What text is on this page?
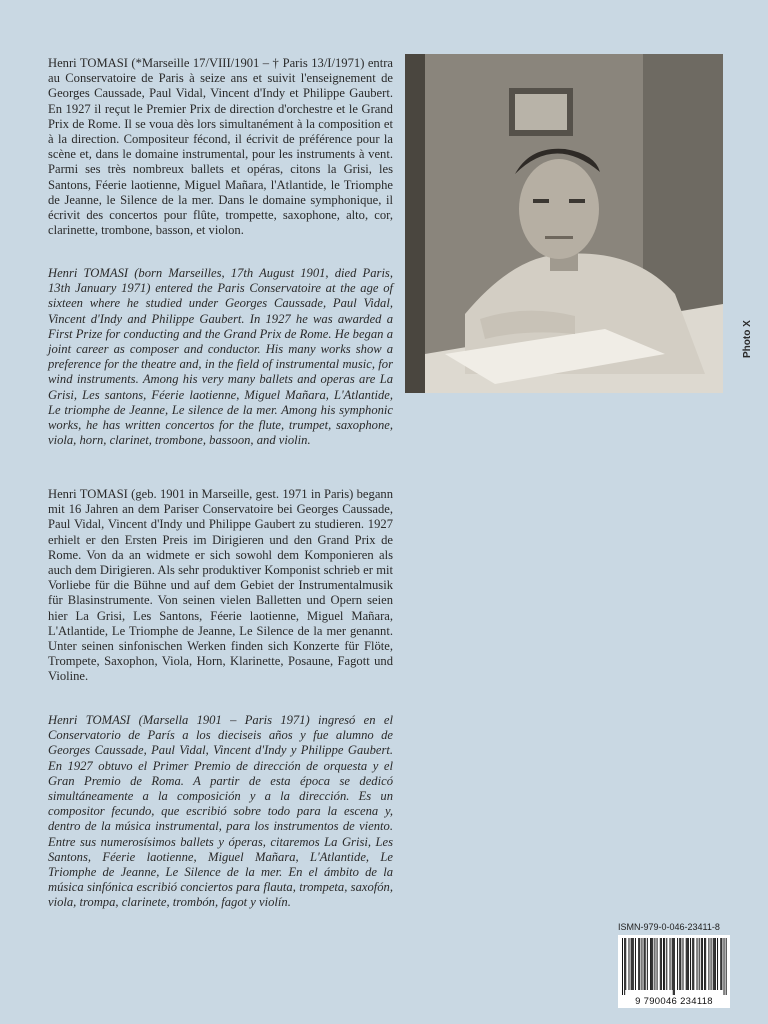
Henri TOMASI (*Marseille 17/VIII/1901 – † Paris 13/I/1971) entra au Conservatoire de Paris à seize ans et suivit l'enseignement de Georges Caussade, Paul Vidal, Vincent d'Indy et Philippe Gaubert. En 1927 il reçut le Premier Prix de direction d'orchestre et le Grand Prix de Rome. Il se voua dès lors simultanément à la composition et à la direction. Compositeur fécond, il écrivit de préférence pour la scène et, dans le domaine instrumental, pour les instruments à vent. Parmi ses très nombreux ballets et opéras, citons la Grisi, les Santons, Féerie laotienne, Miguel Mañara, l'Atlantide, le Triomphe de Jeanne, le Silence de la mer. Dans le domaine symphonique, il écrivit des concertos pour flûte, trompette, saxophone, alto, cor, clarinette, trombone, basson, et violon.

Henri TOMASI (born Marseilles, 17th August 1901, died Paris, 13th January 1971) entered the Paris Conservatoire at the age of sixteen where he studied under Georges Caussade, Paul Vidal, Vincent d'Indy and Philippe Gaubert. In 1927 he was awarded a First Prize for conducting and the Grand Prix de Rome. He began a joint career as composer and conductor. His many works show a preference for the theatre and, in the field of instrumental music, for wind instruments. Among his very many ballets and operas are La Grisi, Les santons, Féerie laotienne, Miguel Mañara, L'Atlantide, Le triomphe de Jeanne, Le silence de la mer. Among his symphonic works, he has written concertos for the flute, trumpet, saxophone, viola, horn, clarinet, trombone, bassoon, and violin.

Henri TOMASI (geb. 1901 in Marseille, gest. 1971 in Paris) begann mit 16 Jahren an dem Pariser Conservatoire bei Georges Caussade, Paul Vidal, Vincent d'Indy und Philippe Gaubert zu studieren. 1927 erhielt er den Ersten Preis im Dirigieren und den Grand Prix de Rome. Von da an widmete er sich sowohl dem Komponieren als auch dem Dirigieren. Als sehr produktiver Komponist schrieb er mit Vorliebe für die Bühne und auf dem Gebiet der Instrumentalmusik für Blasinstrumente. Von seinen vielen Balletten und Opern seien hier La Grisi, Les Santons, Féerie laotienne, Miguel Mañara, L'Atlantide, Le Triomphe de Jeanne, Le Silence de la mer genannt. Unter seinen sinfonischen Werken finden sich Konzerte für Flöte, Trompete, Saxophon, Viola, Horn, Klarinette, Posaune, Fagott und Violine.

Henri TOMASI (Marsella 1901 – Paris 1971) ingresó en el Conservatorio de París a los dieciseis años y fue alumno de Georges Caussade, Paul Vidal, Vincent d'Indy y Philippe Gaubert. En 1927 obtuvo el Primer Premio de dirección de orquesta y el Gran Premio de Roma. A partir de esta época se dedicó simultáneamente a la composición y a la dirección. Es un compositor fecundo, que escribió sobre todo para la escena y, dentro de la música instrumental, para los instrumentos de viento. Entre sus numerosísimos ballets y óperas, citaremos La Grisi, Les Santons, Féerie laotienne, Miguel Mañara, L'Atlantide, Le Triomphe de Jeanne, Le Silence de la mer. En el ámbito de la música sinfónica escribió conciertos para flauta, trompeta, saxofón, viola, trompa, clarinete, trombón, fagot y violín.

Photo X
ISMN-979-0-046-23411-8
9 790046 234118
